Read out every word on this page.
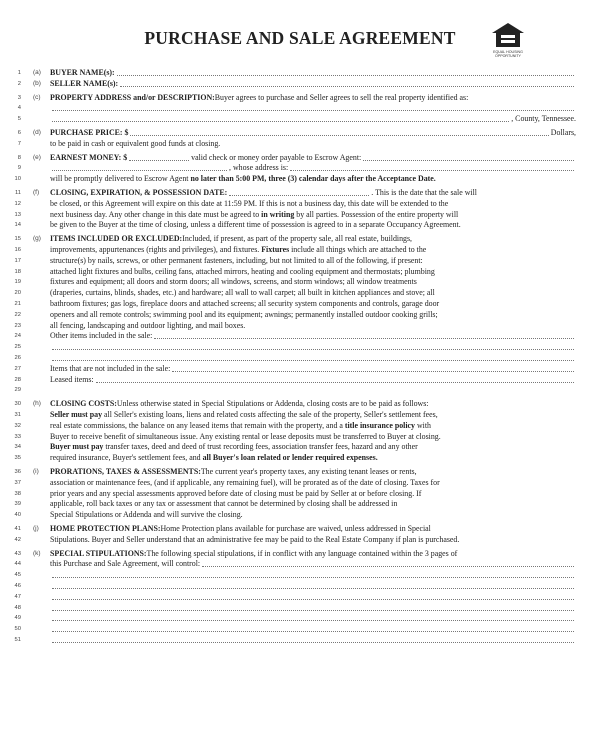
PURCHASE AND SALE AGREEMENT
EQUAL HOUSING OPPORTUNITY
1 (a) BUYER NAME(s):
2 (b) SELLER NAME(s):
3 (c) PROPERTY ADDRESS and/or DESCRIPTION: Buyer agrees to purchase and Seller agrees to sell the real property identified as:
4
5	, County, Tennessee.
6 (d) PURCHASE PRICE: $	Dollars,
7	to be paid in cash or equivalent good funds at closing.
8 (e) EARNEST MONEY: $	valid check or money order payable to Escrow Agent:
9	, whose address is:
10	will be promptly delivered to Escrow Agent no later than 5:00 PM, three (3) calendar days after the Acceptance Date.
11 (f) CLOSING, EXPIRATION, & POSSESSION DATE:	. This is the date that the sale will
12	be closed, or this Agreement will expire on this date at 11:59 PM. If this is not a business day, this date will be extended to the
13	next business day. Any other change in this date must be agreed to in writing by all parties. Possession of the entire property will
14	be given to the Buyer at the time of closing, unless a different time of possession is agreed to in a separate Occupancy Agreement.
15 (g) ITEMS INCLUDED OR EXCLUDED: Included, if present, as part of the property sale, all real estate, buildings,
16	improvements, appurtenances (rights and privileges), and fixtures. Fixtures include all things which are attached to the
17	structure(s) by nails, screws, or other permanent fasteners, including, but not limited to all of the following, if present:
18	attached light fixtures and bulbs, ceiling fans, attached mirrors, heating and cooling equipment and thermostats; plumbing
19	fixtures and equipment; all doors and storm doors; all windows, screens, and storm windows; all window treatments
20	(draperies, curtains, blinds, shades, etc.) and hardware; all wall to wall carpet; all built in kitchen appliances and stove; all
21	bathroom fixtures; gas logs, fireplace doors and attached screens; all security system components and controls, garage door
22	openers and all remote controls; swimming pool and its equipment; awnings; permanently installed outdoor cooking grills;
23	all fencing, landscaping and outdoor lighting, and mail boxes.
24	Other items included in the sale:
25
26
27	Items that are not included in the sale:
28	Leased items:
29
30 (h) CLOSING COSTS: Unless otherwise stated in Special Stipulations or Addenda, closing costs are to be paid as follows:
31	Seller must pay all Seller's existing loans, liens and related costs affecting the sale of the property, Seller's settlement fees,
32	real estate commissions, the balance on any leased items that remain with the property, and a title insurance policy with
33	Buyer to receive benefit of simultaneous issue. Any existing rental or lease deposits must be transferred to Buyer at closing.
34	Buyer must pay transfer taxes, deed and deed of trust recording fees, association transfer fees, hazard and any other
35	required insurance, Buyer's settlement fees, and all Buyer's loan related or lender required expenses.
36 (i) PRORATIONS, TAXES & ASSESSMENTS: The current year's property taxes, any existing tenant leases or rents,
37	association or maintenance fees, (and if applicable, any remaining fuel), will be prorated as of the date of closing. Taxes for
38	prior years and any special assessments approved before date of closing must be paid by Seller at or before closing. If
39	applicable, roll back taxes or any tax or assessment that cannot be determined by closing shall be addressed in
40	Special Stipulations or Addenda and will survive the closing.
41 (j) HOME PROTECTION PLANS: Home Protection plans available for purchase are waived, unless addressed in Special
42	Stipulations. Buyer and Seller understand that an administrative fee may be paid to the Real Estate Company if plan is purchased.
43 (k) SPECIAL STIPULATIONS: The following special stipulations, if in conflict with any language contained within the 3 pages of
44	this Purchase and Sale Agreement, will control:
45
46
47
48
49
50
51
